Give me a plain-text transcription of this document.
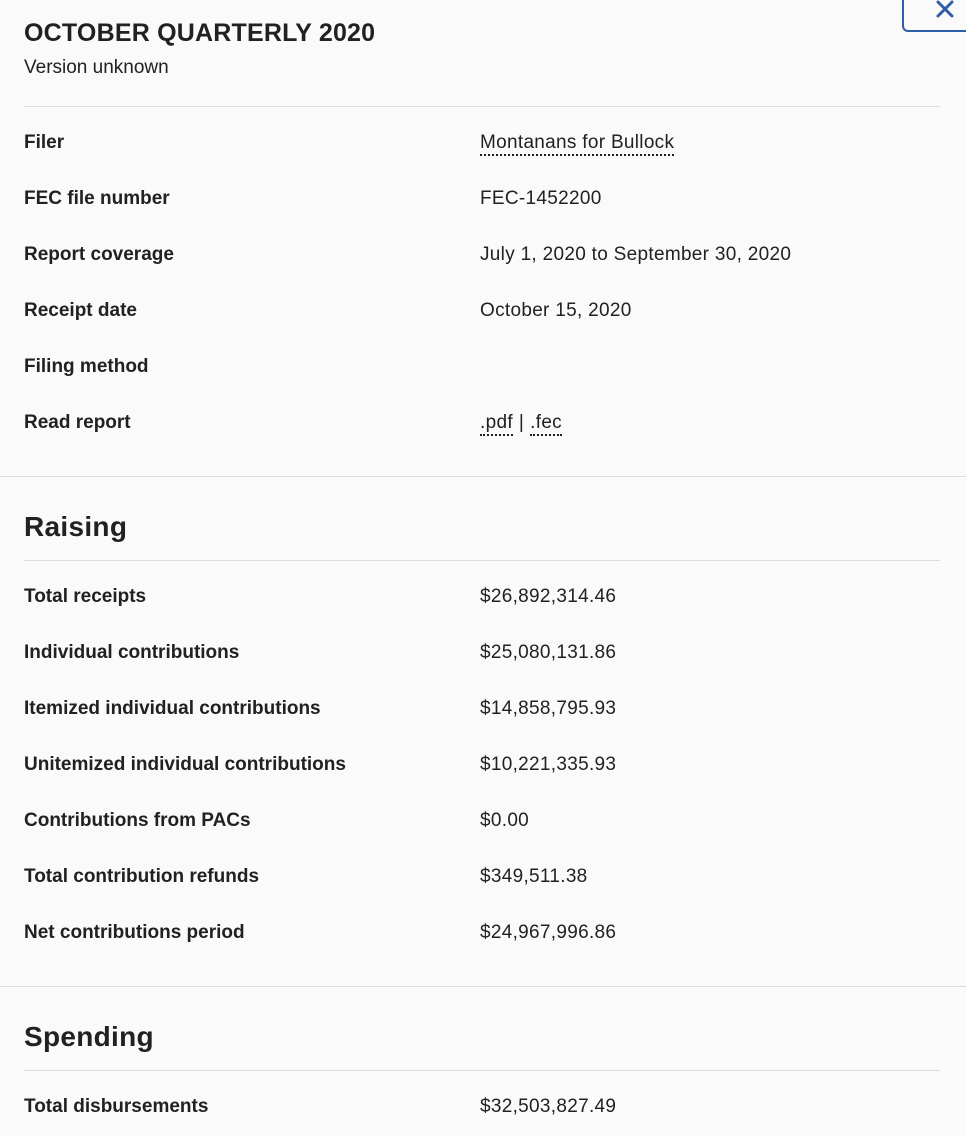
OCTOBER QUARTERLY 2020
Version unknown
Filer	Montanans for Bullock
FEC file number	FEC-1452200
Report coverage	July 1, 2020 to September 30, 2020
Receipt date	October 15, 2020
Filing method
Read report	.pdf | .fec
Raising
Total receipts	$26,892,314.46
Individual contributions	$25,080,131.86
Itemized individual contributions	$14,858,795.93
Unitemized individual contributions	$10,221,335.93
Contributions from PACs	$0.00
Total contribution refunds	$349,511.38
Net contributions period	$24,967,996.86
Spending
Total disbursements	$32,503,827.49
